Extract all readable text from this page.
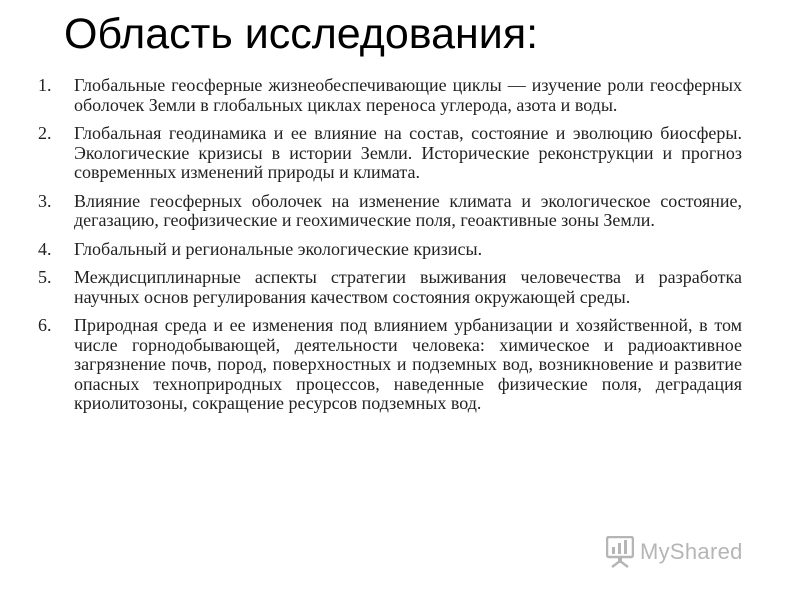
Область исследования:
1.	Глобальные геосферные жизнеобеспечивающие циклы — изучение роли геосферных оболочек Земли в глобальных циклах переноса углерода, азота и воды.
2.	Глобальная геодинамика и ее влияние на состав, состояние и эволюцию биосферы. Экологические кризисы в истории Земли. Исторические реконструкции и прогноз современных изменений природы и климата.
3.	Влияние геосферных оболочек на изменение климата и экологическое состояние, дегазацию, геофизические и геохимические поля, геоактивные зоны Земли.
4.	Глобальный и региональные экологические кризисы.
5.	Междисциплинарные аспекты стратегии выживания человечества и разработка научных основ регулирования качеством состояния окружающей среды.
6.	Природная среда и ее изменения под влиянием урбанизации и хозяйственной, в том числе горнодобывающей, деятельности человека: химическое и радиоактивное загрязнение почв, пород, поверхностных и подземных вод, возникновение и развитие опасных технoприродных процессов, наведенные физические поля, деградация криолитозоны, сокращение ресурсов подземных вод.
MyShared
